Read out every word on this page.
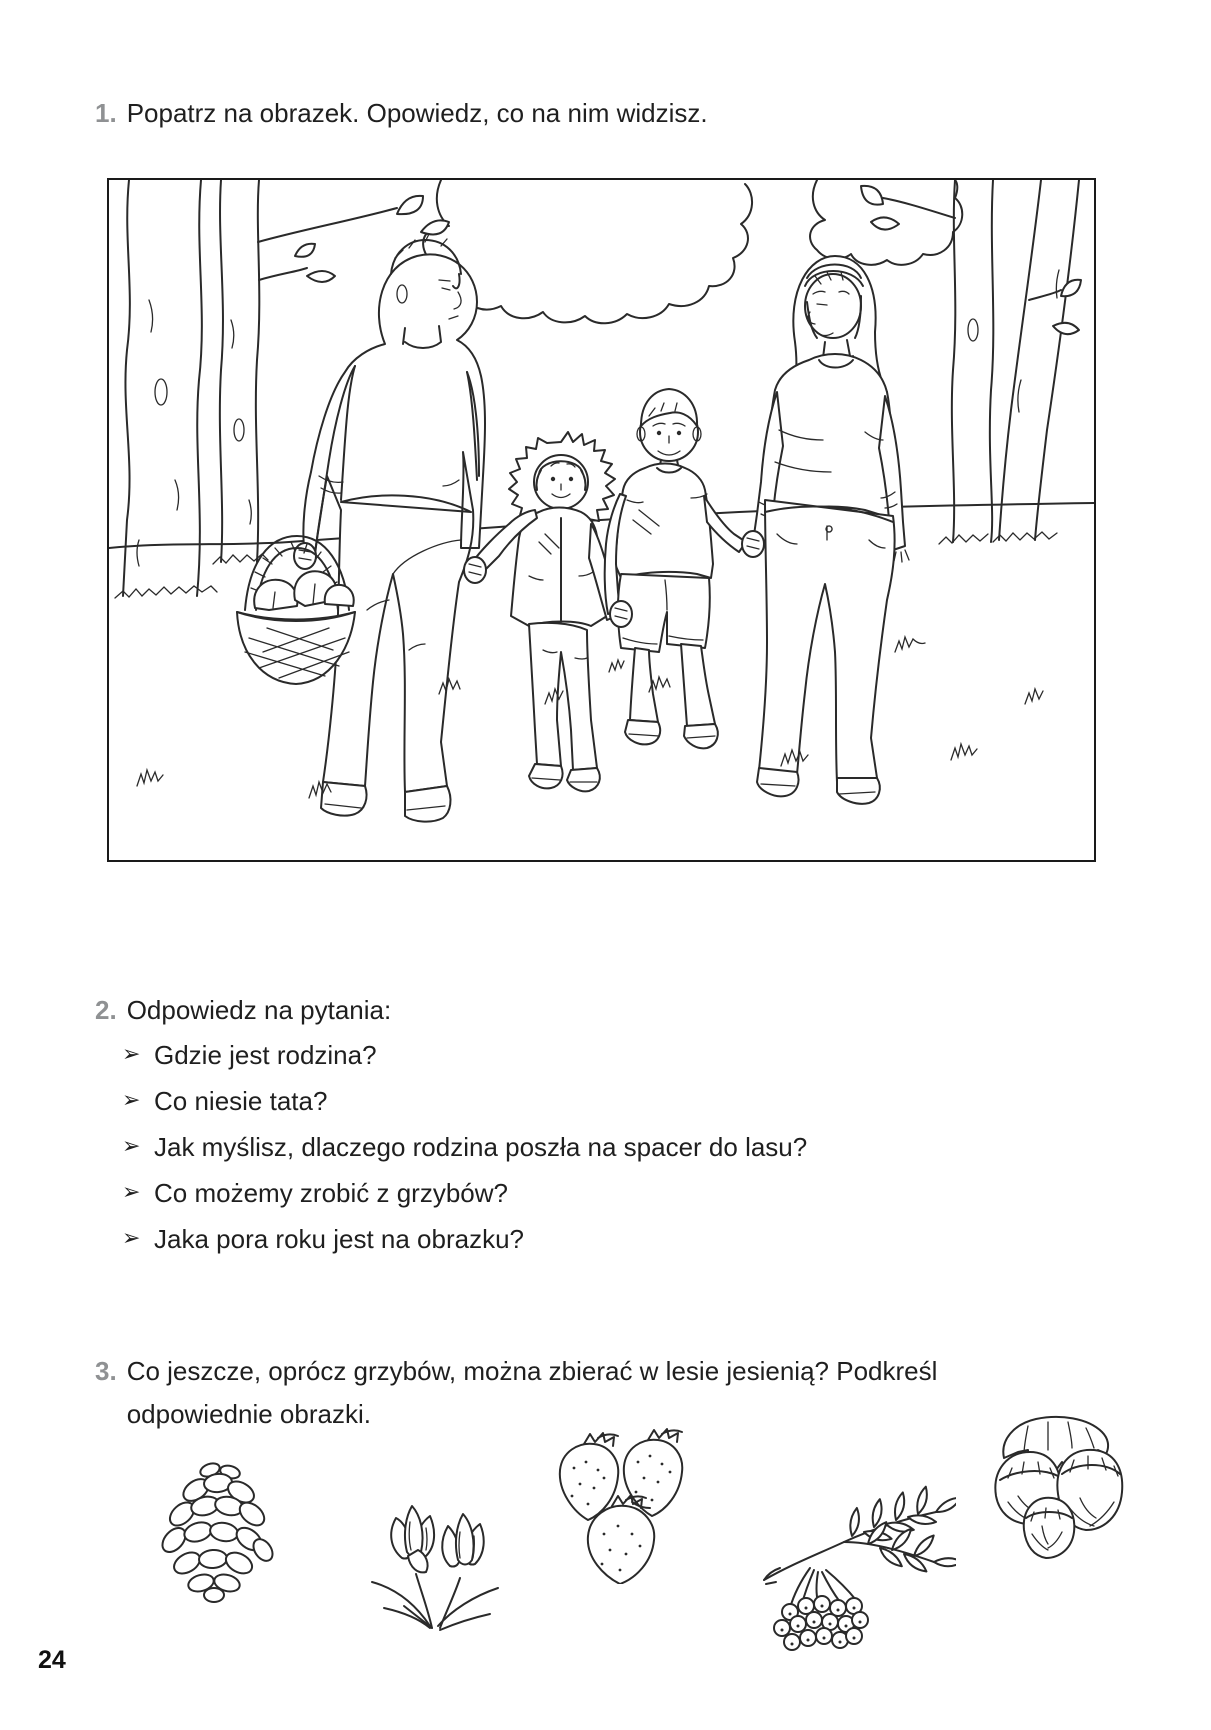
1. Popatrz na obrazek. Opowiedz, co na nim widzisz.
2. Odpowiedz na pytania:
➢ Gdzie jest rodzina?
➢ Co niesie tata?
➢ Jak myślisz, dlaczego rodzina poszła na spacer do lasu?
➢ Co możemy zrobić z grzybów?
➢ Jaka pora roku jest na obrazku?
3. Co jeszcze, oprócz grzybów, można zbierać w lesie jesienią? Podkreśl
odpowiednie obrazki.
24
